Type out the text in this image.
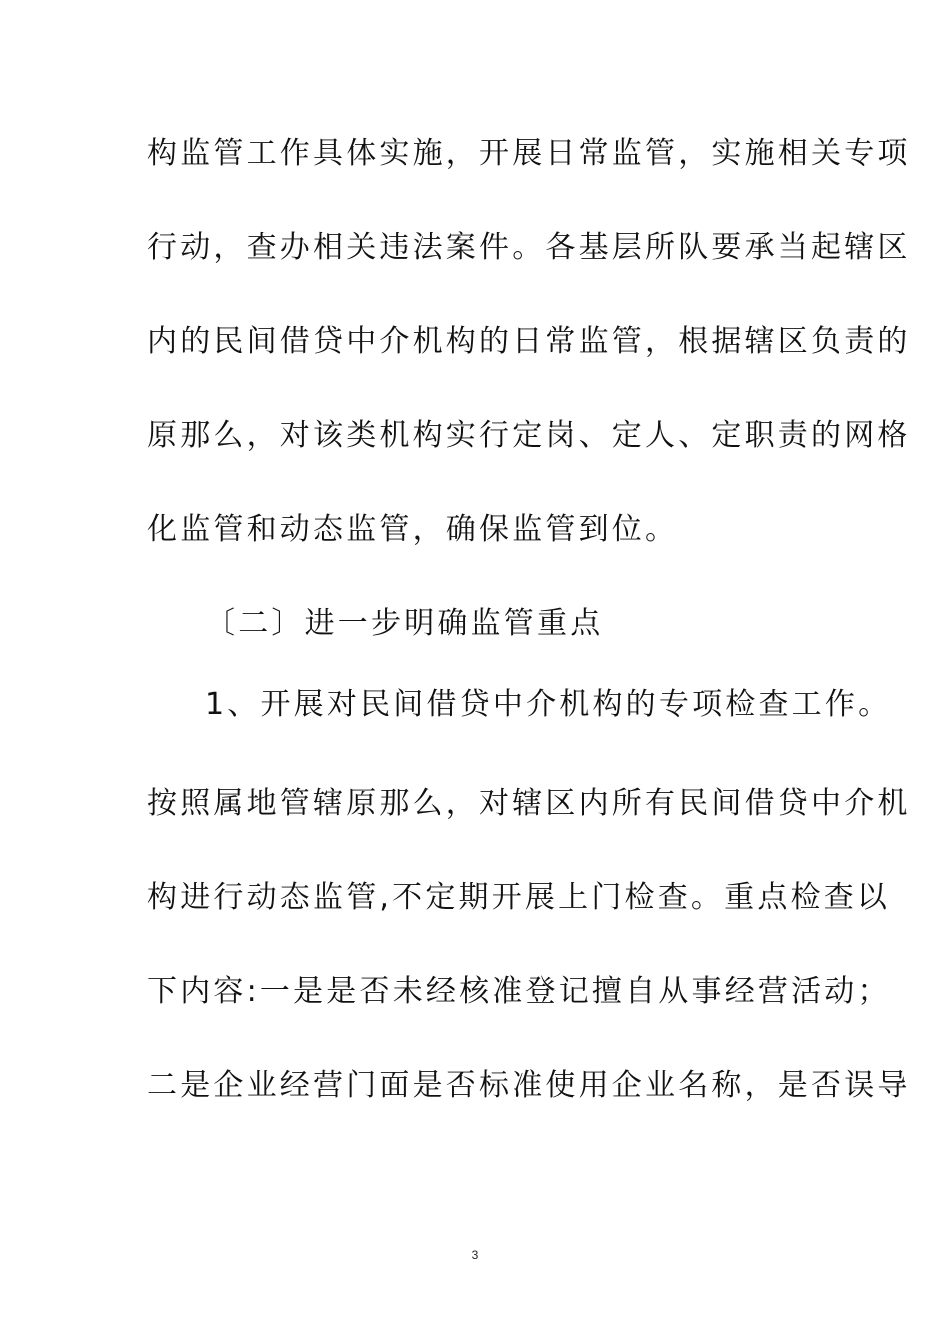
构监管工作具体实施，开展日常监管，实施相关专项
行动，查办相关违法案件。各基层所队要承当起辖区
内的民间借贷中介机构的日常监管，根据辖区负责的
原那么，对该类机构实行定岗、定人、定职责的网格
化监管和动态监管，确保监管到位。
〔二〕进一步明确监管重点
1、开展对民间借贷中介机构的专项检查工作。
按照属地管辖原那么，对辖区内所有民间借贷中介机
构进行动态监管,不定期开展上门检查。重点检查以
下内容:一是是否未经核准登记擅自从事经营活动；
二是企业经营门面是否标准使用企业名称，是否误导
3
